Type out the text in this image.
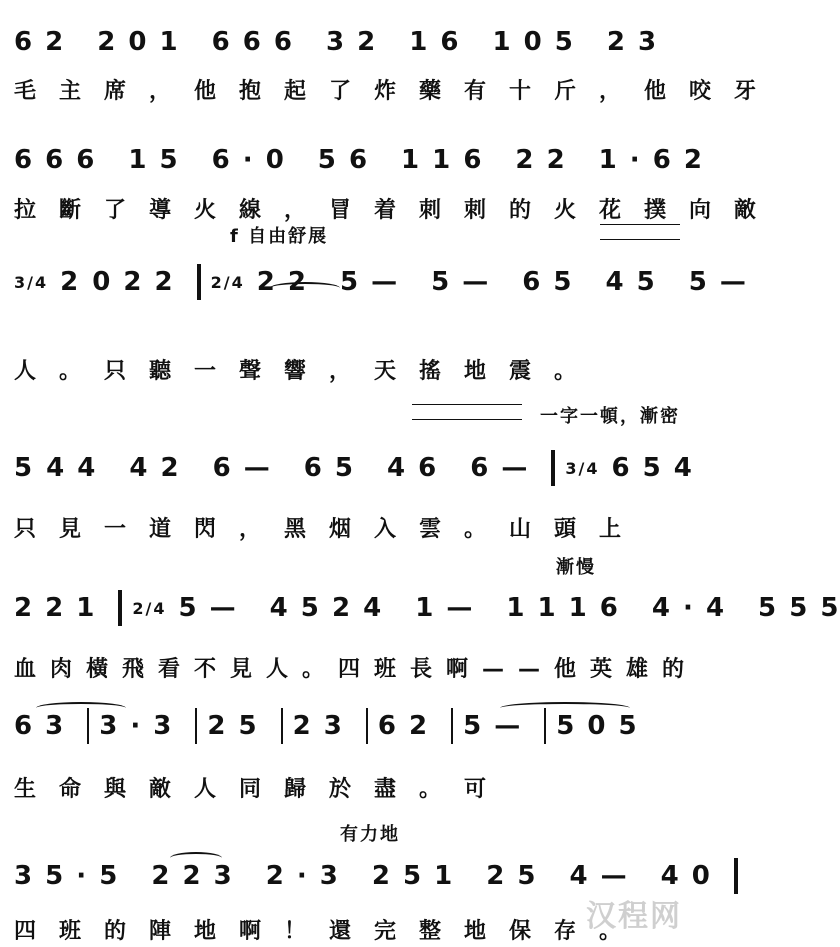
6 2 2 0 1 6 6 6 3 2 1 6 1 0 5 2 3
毛主席，他抱起了炸藥有十斤，他咬牙
6 6 6 1 5 6 · 0 5 6 1 1 6 2 2 1 · 6 2
拉斷了導火線，冒着刺刺的火花撲向敵
f 自由舒展
3/4 2 0 2 2 2/4 2 2 5 — 5 — 6 5 4 5 5 —
人。只聽一聲響，天搖地震。
一字一頓，漸密
5 4 4 4 2 6 — 6 5 4 6 6 — 3/4 6 5 4
只見一道閃，黑烟入雲。山頭上
漸慢
2 2 1 2/4 5 — 4 5 2 4 1 — 1 1 1 6 4 · 4 5 5 5
血肉橫飛看不見人。四班長啊——他英雄的
6 3 3 · 3 2 5 2 3 6 2 5 — 5 0 5
生命與敵人同歸於盡。可
有力地
3 5 · 5 2 2 3 2 · 3 2 5 1 2 5 4 — 4 0
四班的陣地啊！還完整地保存。
汉程网
